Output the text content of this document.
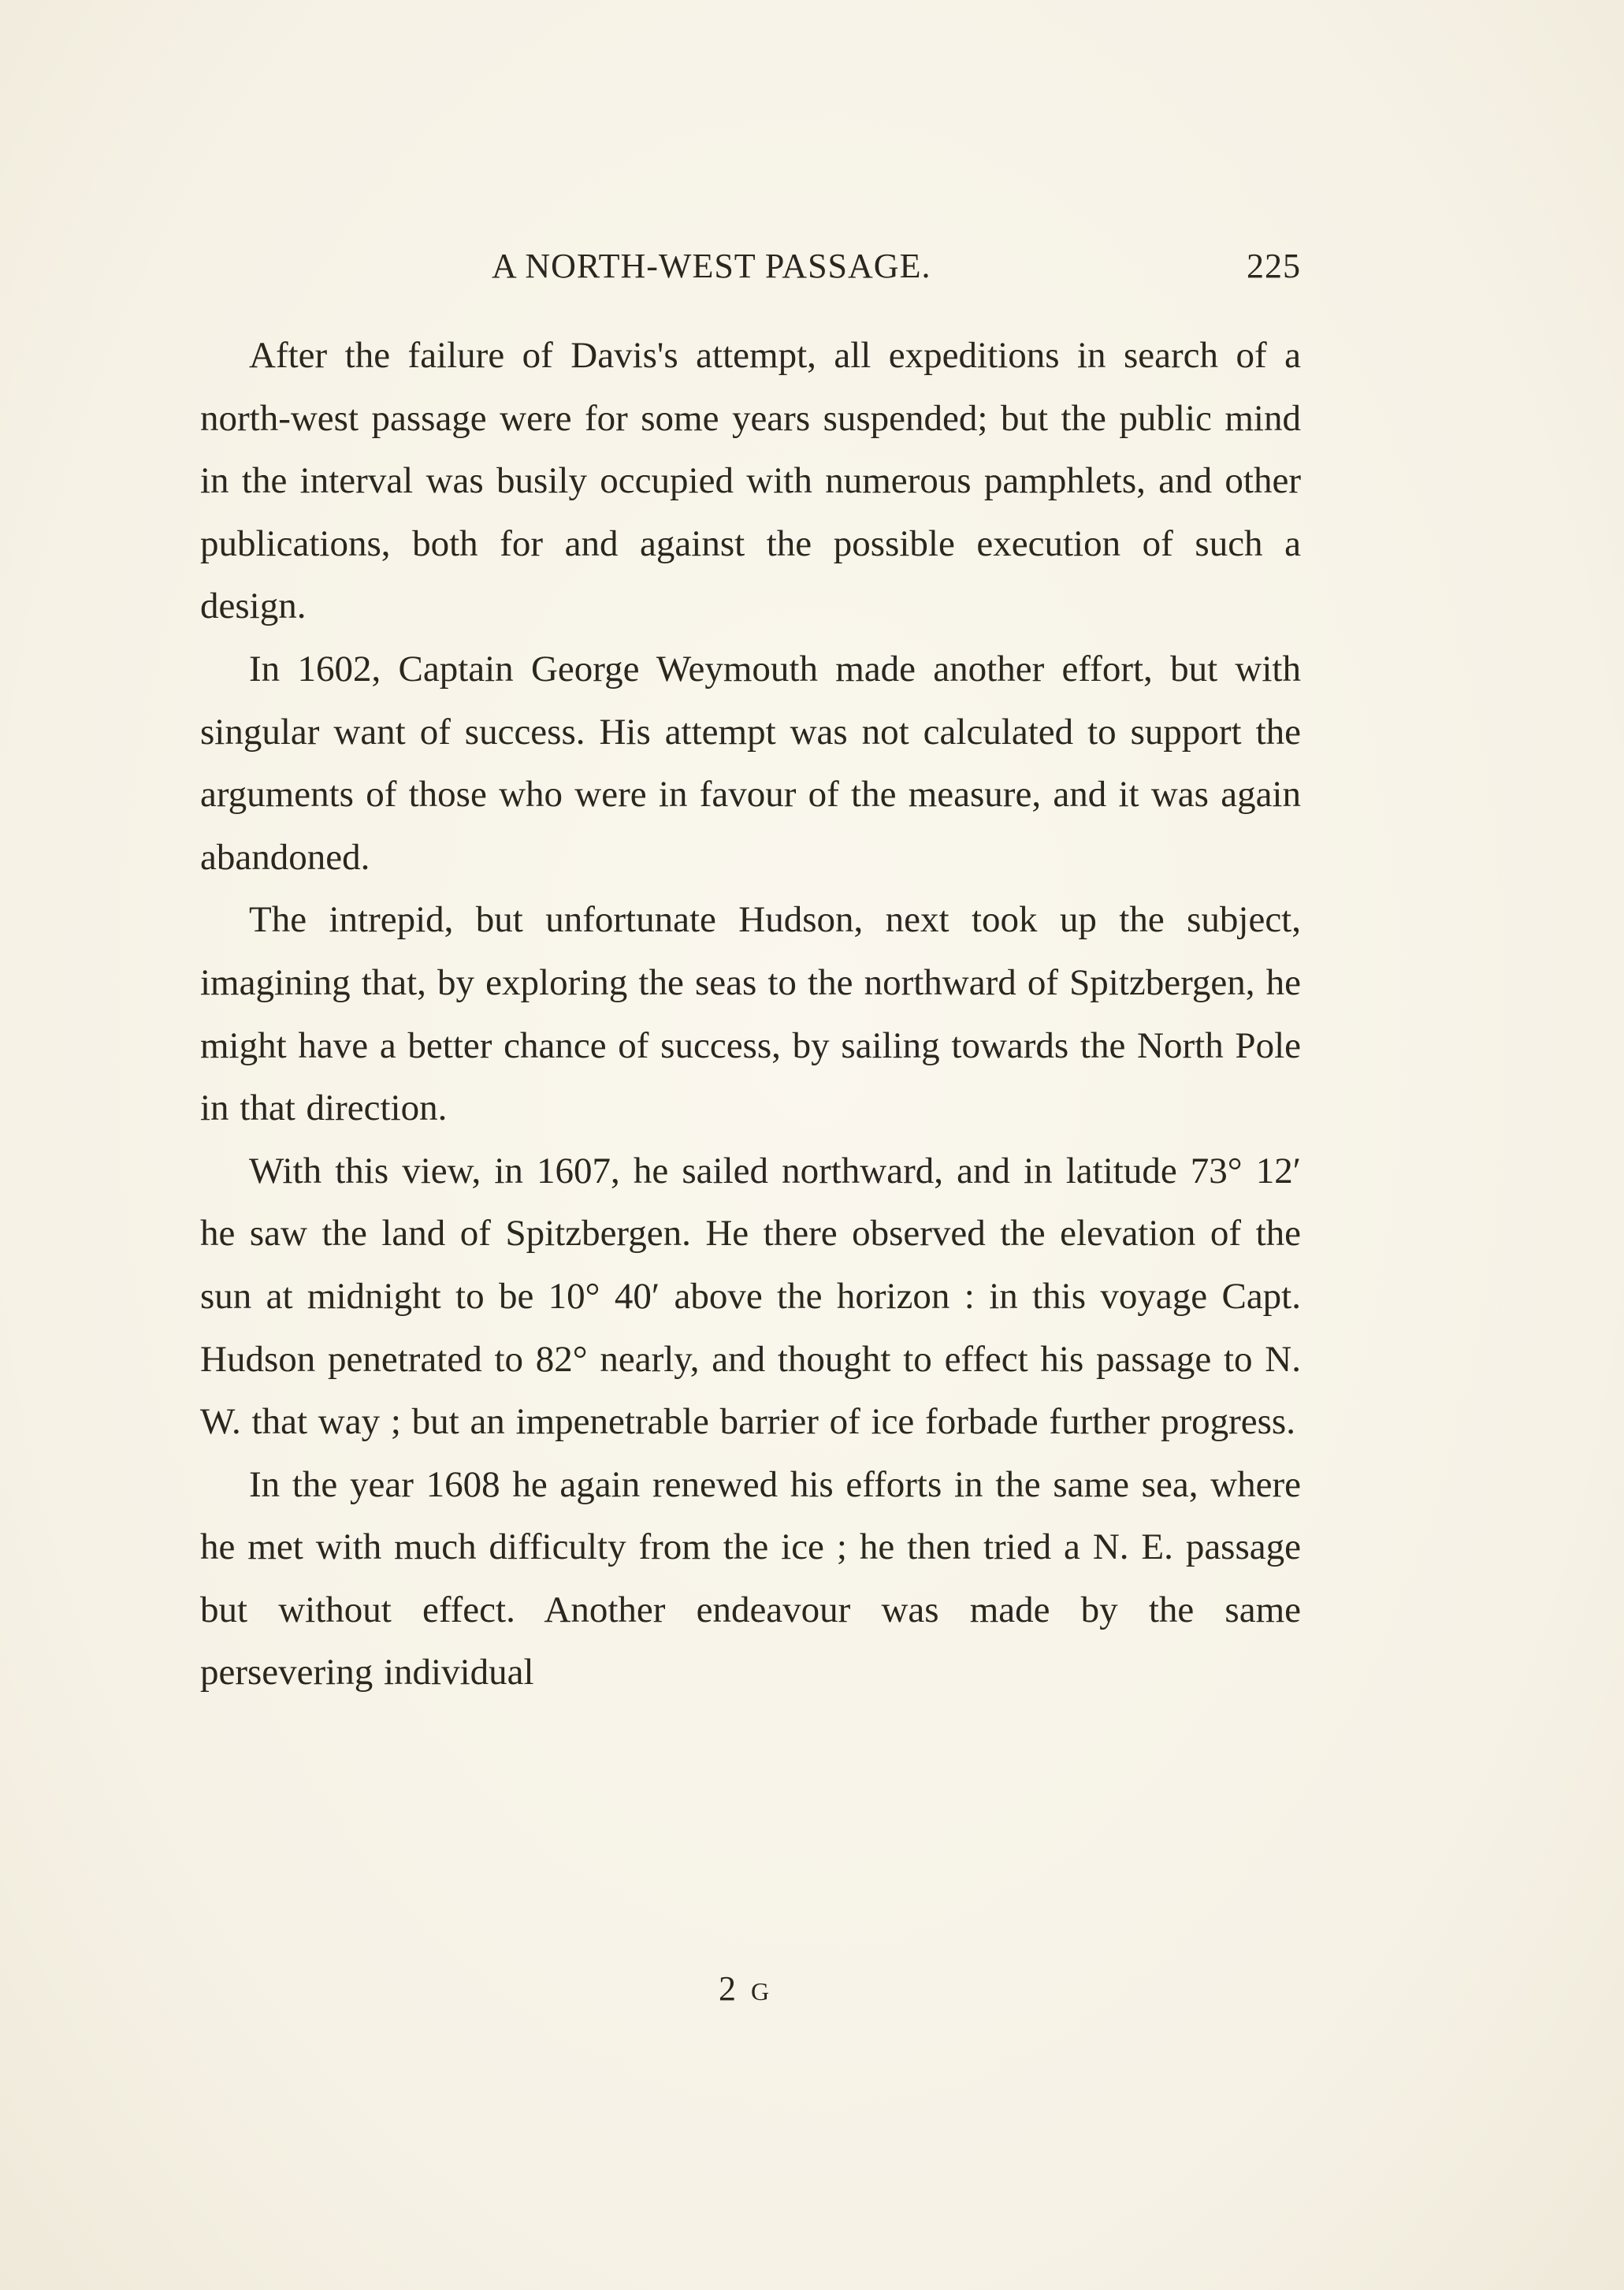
A NORTH-WEST PASSAGE.	225

After the failure of Davis's attempt, all expeditions in search of a north-west passage were for some years suspended; but the public mind in the interval was busily occupied with numerous pamphlets, and other publications, both for and against the possible execution of such a design.

In 1602, Captain George Weymouth made another effort, but with singular want of success. His attempt was not calculated to support the arguments of those who were in favour of the measure, and it was again abandoned.

The intrepid, but unfortunate Hudson, next took up the subject, imagining that, by exploring the seas to the northward of Spitzbergen, he might have a better chance of success, by sailing towards the North Pole in that direction.

With this view, in 1607, he sailed northward, and in latitude 73° 12′ he saw the land of Spitzbergen. He there observed the elevation of the sun at midnight to be 10° 40′ above the horizon : in this voyage Capt. Hudson penetrated to 82° nearly, and thought to effect his passage to N. W. that way ; but an impenetrable barrier of ice forbade further progress.

In the year 1608 he again renewed his efforts in the same sea, where he met with much difficulty from the ice ; he then tried a N. E. passage but without effect. Another endeavour was made by the same persevering individual

2 G
